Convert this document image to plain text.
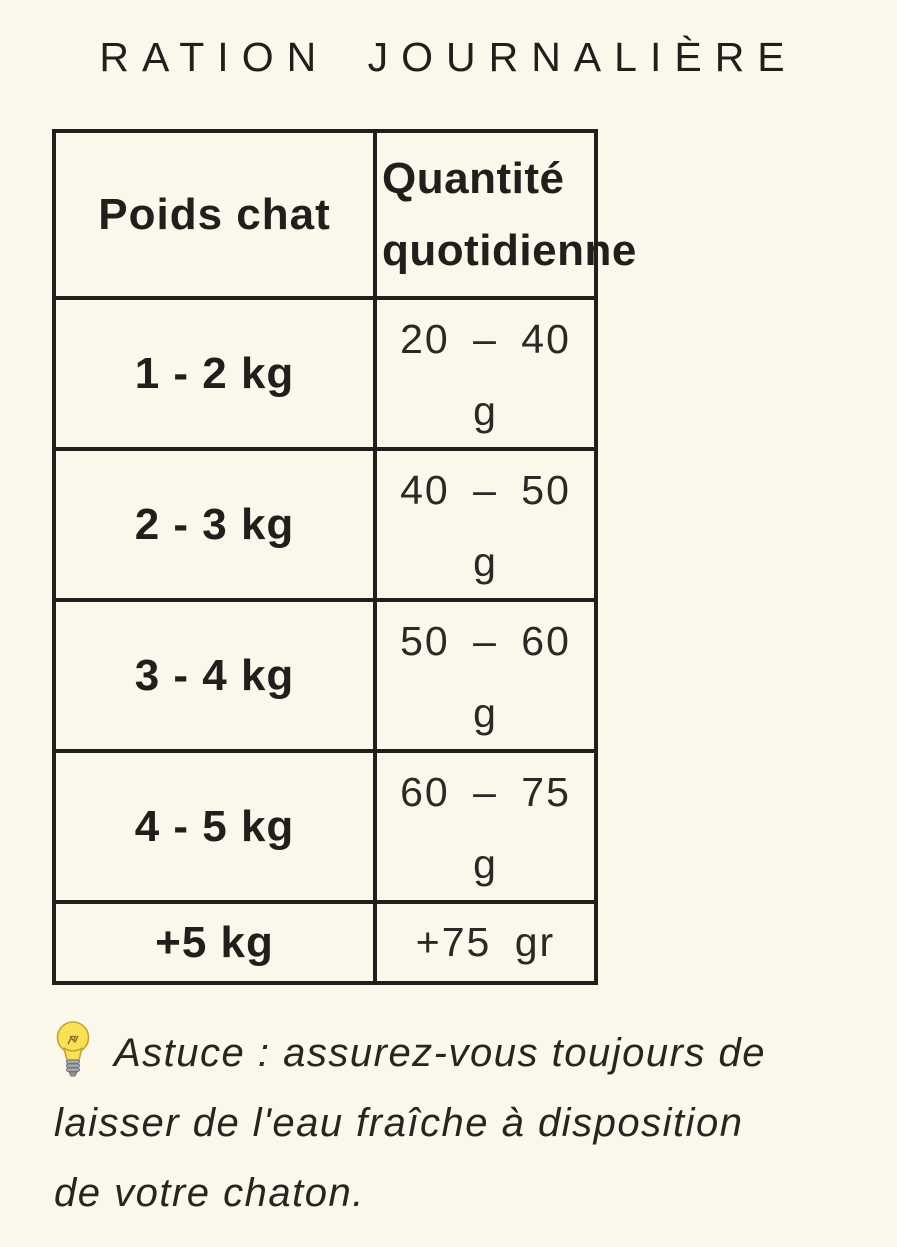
RATION JOURNALIÈRE
Poids chat	Quantité
quotidienne

1 - 2 kg	20 – 40
g

2 - 3 kg	40 – 50
g

3 - 4 kg	50 – 60
g

4 - 5 kg	60 – 75
g

+5 kg	+75 gr
Astuce : assurez-vous toujours de
laisser de l'eau fraîche à disposition
de votre chaton.
